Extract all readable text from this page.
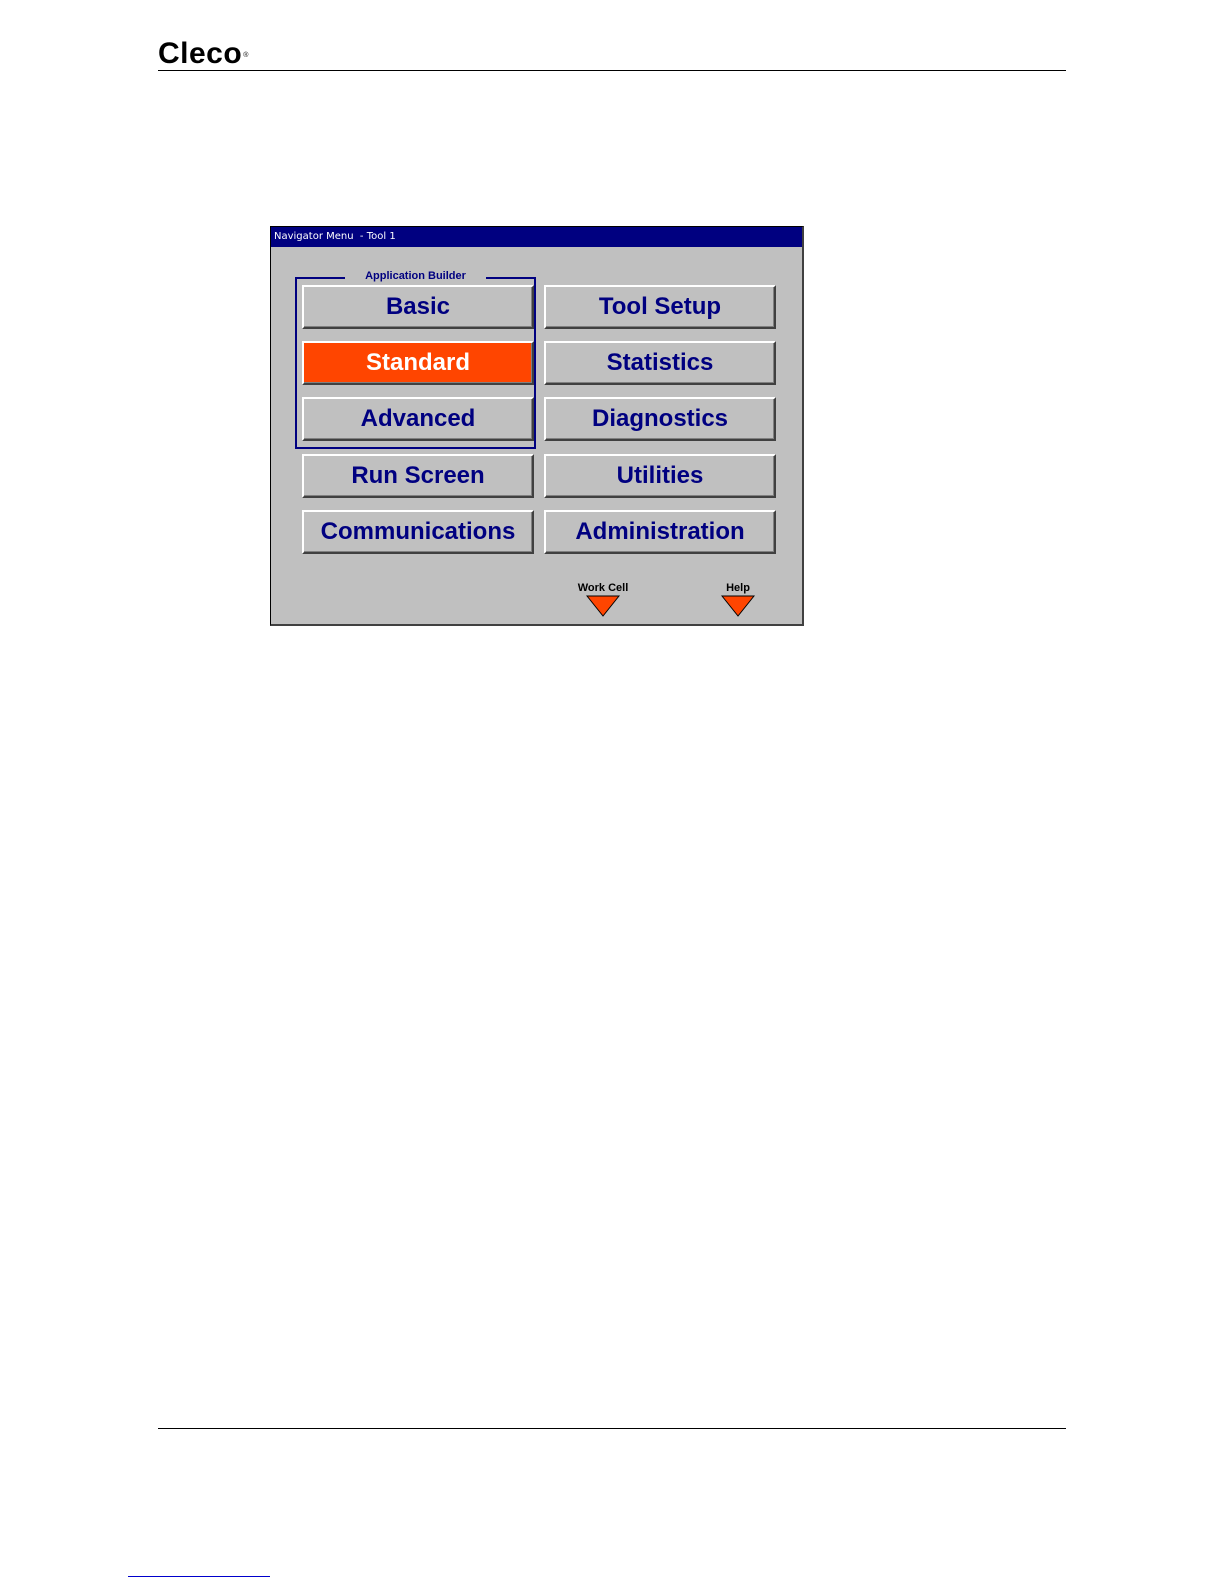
Cleco®
Navigator Menu  - Tool 1
Application Builder
Basic
Standard
Advanced
Run Screen
Communications
Tool Setup
Statistics
Diagnostics
Utilities
Administration
Work Cell	Help
